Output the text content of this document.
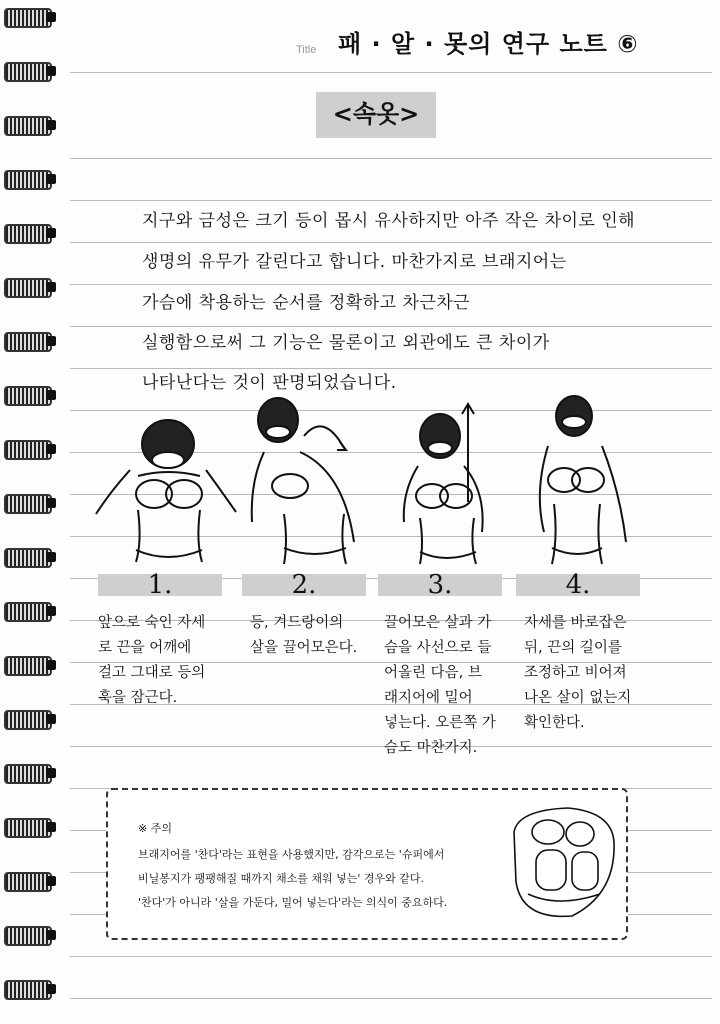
Title 패 · 알 · 못의 연구 노트 ⑥
<속옷>

지구와 금성은 크기 등이 몹시 유사하지만 아주 작은 차이로 인해

생명의 유무가 갈린다고 합니다. 마찬가지로 브래지어는

가슴에 착용하는 순서를 정확하고 차근차근

실행함으로써 그 기능은 물론이고 외관에도 큰 차이가

나타난다는 것이 판명되었습니다.

1.	2.	3.	4.

앞으로 숙인 자세
로 끈을 어깨에
걸고 그대로 등의
훅을 잠근다.

등, 겨드랑이의
살을 끌어모은다.

끌어모은 살과 가
슴을 사선으로 들
어올린 다음, 브
래지어에 밀어
넣는다. 오른쪽 가
슴도 마찬가지.

자세를 바로잡은
뒤, 끈의 길이를
조정하고 비어져
나온 살이 없는지
확인한다.

※ 주의

브래지어를 '찬다'라는 표현을 사용했지만, 감각으로는 '슈퍼에서

비닐봉지가 팽팽해질 때까지 채소를 채워 넣는' 경우와 같다.

'찬다'가 아니라 '살을 가둔다, 밀어 넣는다'라는 의식이 중요하다.
